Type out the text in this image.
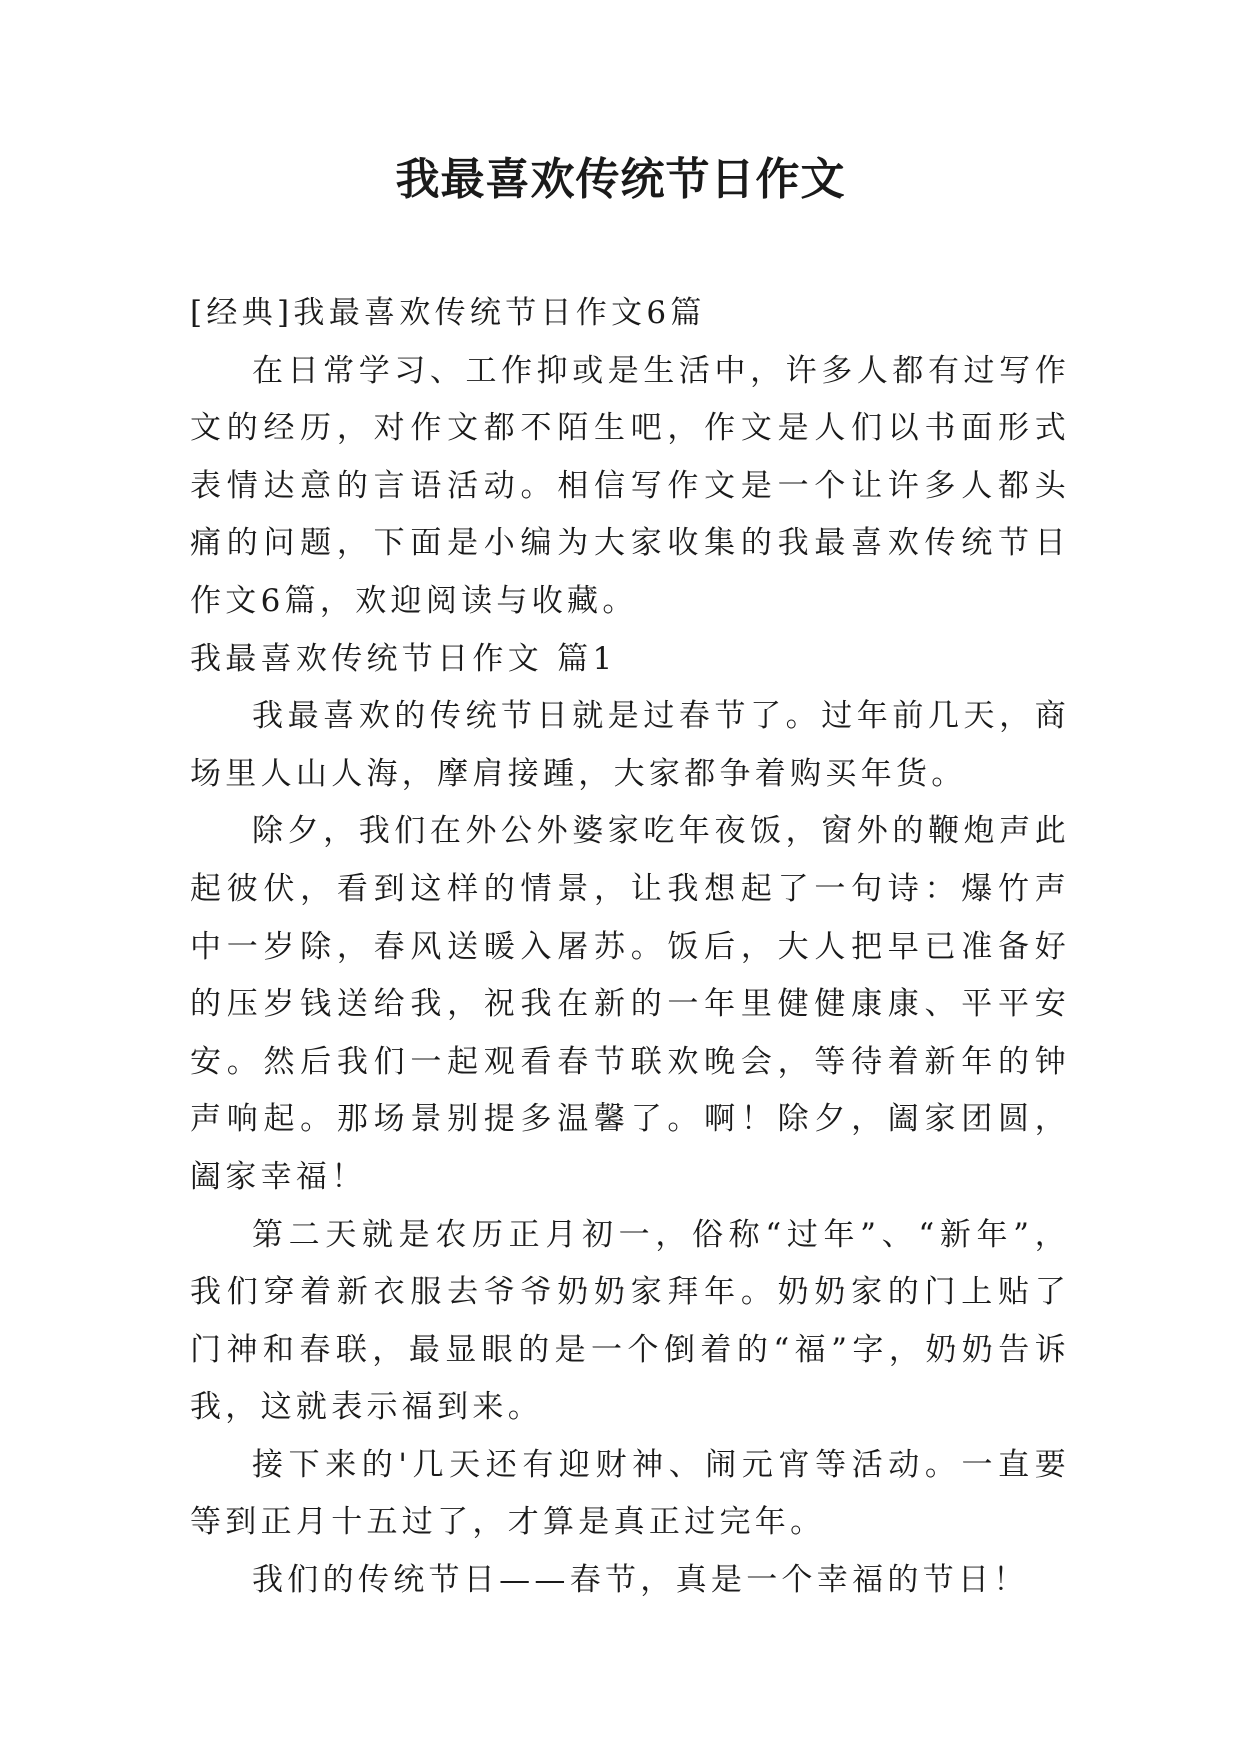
我最喜欢传统节日作文

[经典]我最喜欢传统节日作文6篇

在日常学习、工作抑或是生活中，许多人都有过写作文的经历，对作文都不陌生吧，作文是人们以书面形式表情达意的言语活动。相信写作文是一个让许多人都头痛的问题，下面是小编为大家收集的我最喜欢传统节日作文6篇，欢迎阅读与收藏。

我最喜欢传统节日作文 篇1

我最喜欢的传统节日就是过春节了。过年前几天，商场里人山人海，摩肩接踵，大家都争着购买年货。

除夕，我们在外公外婆家吃年夜饭，窗外的鞭炮声此起彼伏，看到这样的情景，让我想起了一句诗：爆竹声中一岁除，春风送暖入屠苏。饭后，大人把早已准备好的压岁钱送给我，祝我在新的一年里健健康康、平平安安。然后我们一起观看春节联欢晚会，等待着新年的钟声响起。那场景别提多温馨了。啊！除夕，阖家团圆，阖家幸福！

第二天就是农历正月初一，俗称“过年”、“新年”，我们穿着新衣服去爷爷奶奶家拜年。奶奶家的门上贴了门神和春联，最显眼的是一个倒着的“福”字，奶奶告诉我，这就表示福到来。

接下来的'几天还有迎财神、闹元宵等活动。一直要等到正月十五过了，才算是真正过完年。

我们的传统节日——春节，真是一个幸福的节日！
